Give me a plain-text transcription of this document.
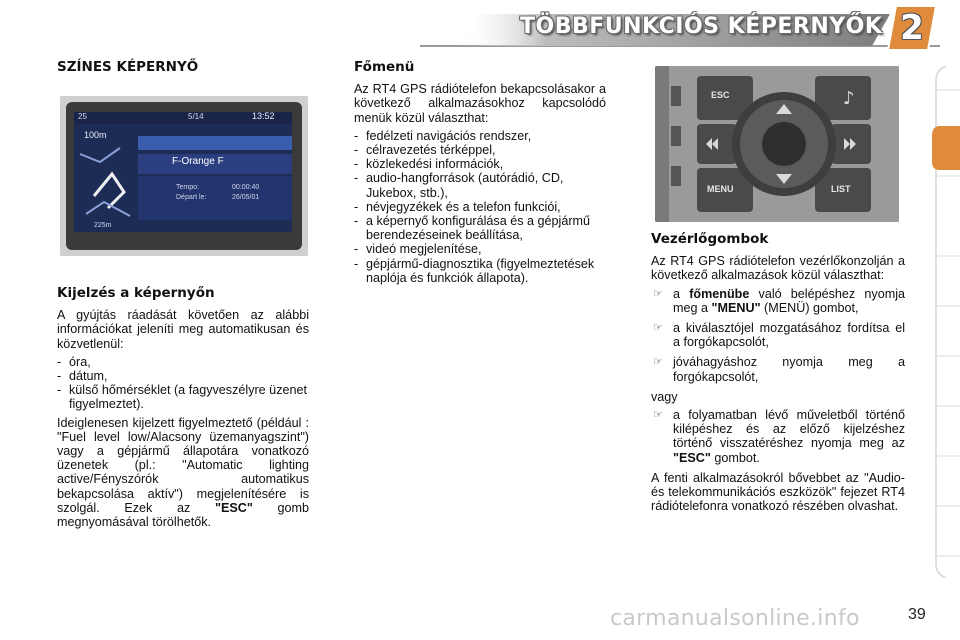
TÖBBFUNKCIÓS KÉPERNYŐK 2
SZÍNES KÉPERNYŐ
25	5/14	13:52
100m
F-Orange F
Tempo:	00:00:40
Départ le:	26/05/01
225m
Kijelzés a képernyőn

A gyújtás ráadását követően az alábbi információkat jeleníti meg automatikusan és közvetlenül:

- óra,
- dátum,
- külső hőmérséklet (a fagyveszélyre üzenet figyelmeztet).

Ideiglenesen kijelzett figyelmeztető (például : "Fuel level low/Alacsony üzemanyagszint") vagy a gépjármű állapotára vonatkozó üzenetek (pl.: "Automatic lighting active/Fényszórók automatikus bekapcsolása aktív") megjelenítésére is szolgál. Ezek az "ESC" gomb megnyomásával törölhetők.

Főmenü

Az RT4 GPS rádiótelefon bekapcsolásakor a következő alkalmazásokhoz kapcsolódó menük közül választhat:

- fedélzeti navigációs rendszer,
- célravezetés térképpel,
- közlekedési információk,
- audio-hangforrások (autórádió, CD, Jukebox, stb.),
- névjegyzékek és a telefon funkciói,
- a képernyő konfigurálása és a gépjármű berendezéseinek beállítása,
- videó megjelenítése,
- gépjármű-diagnosztika (figyelmeztetések naplója és funkciók állapota).
♪
ESC
MENU	LIST
Vezérlőgombok

Az RT4 GPS rádiótelefon vezérlőkonzolján a következő alkalmazások közül választhat:

☞ a főmenübe való belépéshez nyomja meg a "MENU" (MENÜ) gombot,
☞ a kiválasztójel mozgatásához fordítsa el a forgókapcsolót,
☞ jóváhagyáshoz nyomja meg a forgókapcsolót,

vagy

☞ a folyamatban lévő műveletből történő kilépéshez és az előző kijelzéshez történő visszatéréshez nyomja meg az "ESC" gombot.

A fenti alkalmazásokról bővebbet az "Audio- és telekommunikációs eszközök" fejezet RT4 rádiótelefonra vonatkozó részében olvashat.

carmanualsonline.info	39
